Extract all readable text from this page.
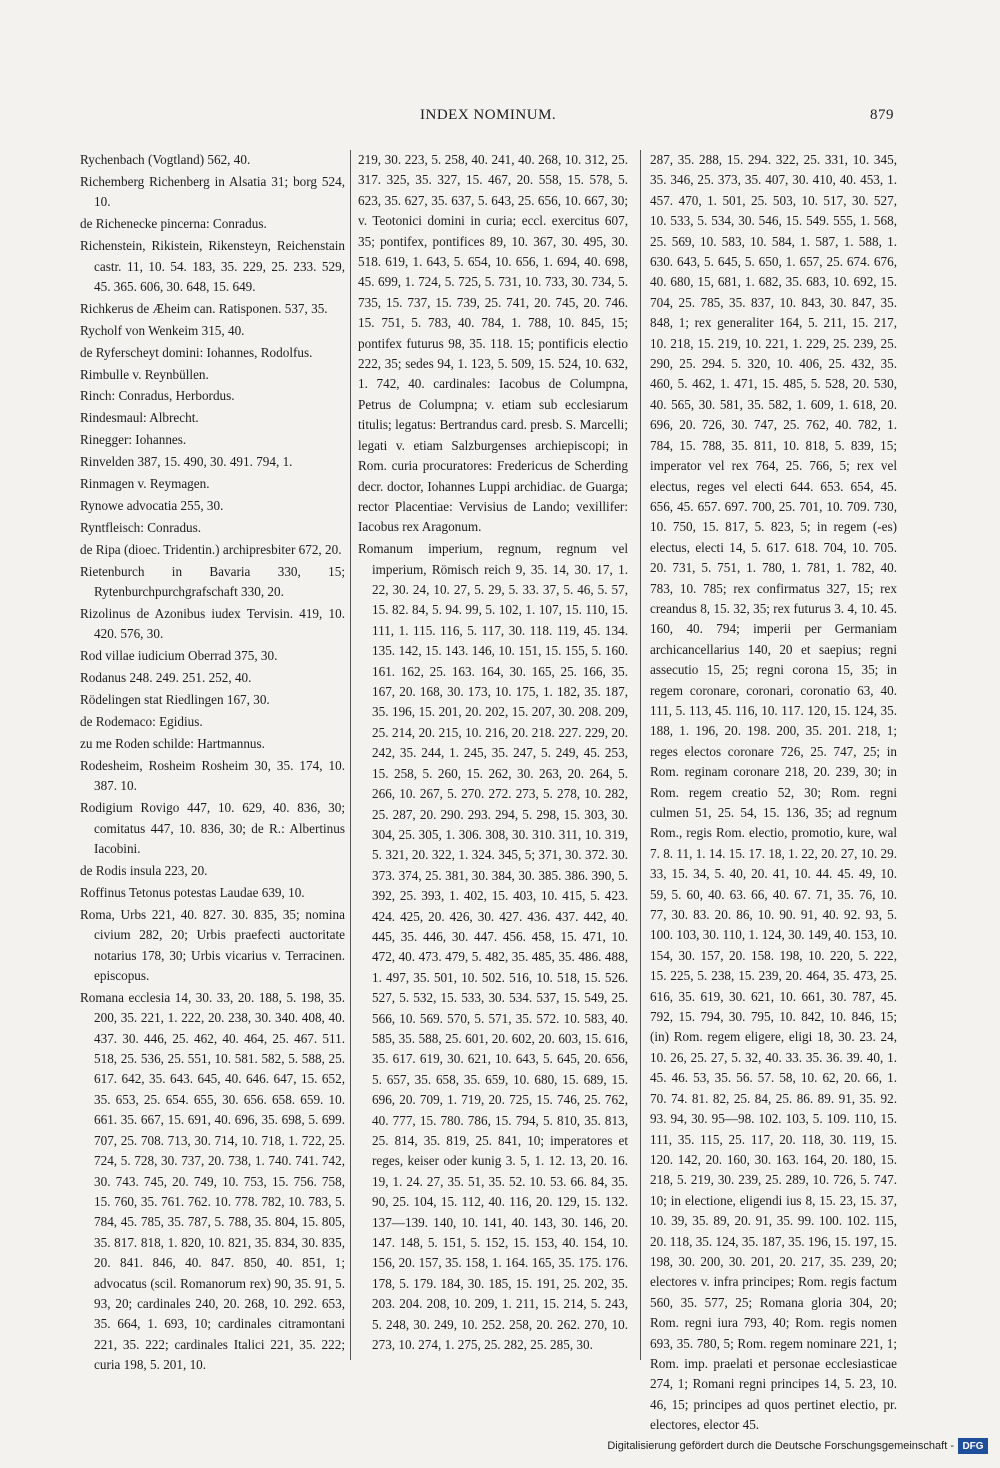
INDEX NOMINUM.	879

Rychenbach (Vogtland) 562, 40.

Richemberg Richenberg in Alsatia 31; borg 524, 10.

de Richenecke pincerna: Conradus.

Richenstein, Rikistein, Rikensteyn, Reichenstain castr. 11, 10. 54. 183, 35. 229, 25. 233. 529, 45. 365. 606, 30. 648, 15. 649.

Richkerus de Æheim can. Ratisponen. 537, 35.

Rycholf von Wenkeim 315, 40.

de Ryferscheyt domini: Iohannes, Rodolfus.

Rimbulle v. Reynbüllen.

Rinch: Conradus, Herbordus.

Rindesmaul: Albrecht.

Rinegger: Iohannes.

Rinvelden 387, 15. 490, 30. 491. 794, 1.

Rinmagen v. Reymagen.

Rynowe advocatia 255, 30.

Ryntfleisch: Conradus.

de Ripa (dioec. Tridentin.) archipresbiter 672, 20.

Rietenburch in Bavaria 330, 15; Rytenburchpurchgrafschaft 330, 20.

Rizolinus de Azonibus iudex Tervisin. 419, 10. 420. 576, 30.

Rod villae iudicium Oberrad 375, 30.

Rodanus 248. 249. 251. 252, 40.

Rödelingen stat Riedlingen 167, 30.

de Rodemaco: Egidius.

zu me Roden schilde: Hartmannus.

Rodesheim, Rosheim Rosheim 30, 35. 174, 10. 387. 10.

Rodigium Rovigo 447, 10. 629, 40. 836, 30; comitatus 447, 10. 836, 30; de R.: Albertinus Iacobini.

de Rodis insula 223, 20.

Roffinus Tetonus potestas Laudae 639, 10.

Roma, Urbs 221, 40. 827. 30. 835, 35; nomina civium 282, 20; Urbis praefecti auctoritate notarius 178, 30; Urbis vicarius v. Terracinen. episcopus.

Romana ecclesia 14, 30. 33, 20. 188, 5. 198, 35. 200, 35. 221, 1. 222, 20. 238, 30. 340. 408, 40. 437. 30. 446, 25. 462, 40. 464, 25. 467. 511. 518, 25. 536, 25. 551, 10. 581. 582, 5. 588, 25. 617. 642, 35. 643. 645, 40. 646. 647, 15. 652, 35. 653, 25. 654. 655, 30. 656. 658. 659. 10. 661. 35. 667, 15. 691, 40. 696, 35. 698, 5. 699. 707, 25. 708. 713, 30. 714, 10. 718, 1. 722, 25. 724, 5. 728, 30. 737, 20. 738, 1. 740. 741. 742, 30. 743. 745, 20. 749, 10. 753, 15. 756. 758, 15. 760, 35. 761. 762. 10. 778. 782, 10. 783, 5. 784, 45. 785, 35. 787, 5. 788, 35. 804, 15. 805, 35. 817. 818, 1. 820, 10. 821, 35. 834, 30. 835, 20. 841. 846, 40. 847. 850, 40. 851, 1; advocatus (scil. Romanorum rex) 90, 35. 91, 5. 93, 20; cardinales 240, 20. 268, 10. 292. 653, 35. 664, 1. 693, 10; cardinales citramontani 221, 35. 222; cardinales Italici 221, 35. 222; curia 198, 5. 201, 10.

219, 30. 223, 5. 258, 40. 241, 40. 268, 10. 312, 25. 317. 325, 35. 327, 15. 467, 20. 558, 15. 578, 5. 623, 35. 627, 35. 637, 5. 643, 25. 656, 10. 667, 30; v. Teotonici domini in curia; eccl. exercitus 607, 35; pontifex, pontifices 89, 10. 367, 30. 495, 30. 518. 619, 1. 643, 5. 654, 10. 656, 1. 694, 40. 698, 45. 699, 1. 724, 5. 725, 5. 731, 10. 733, 30. 734, 5. 735, 15. 737, 15. 739, 25. 741, 20. 745, 20. 746. 15. 751, 5. 783, 40. 784, 1. 788, 10. 845, 15; pontifex futurus 98, 35. 118. 15; pontificis electio 222, 35; sedes 94, 1. 123, 5. 509, 15. 524, 10. 632, 1. 742, 40. cardinales: Iacobus de Columpna, Petrus de Columpna; v. etiam sub ecclesiarum titulis; legatus: Bertrandus card. presb. S. Marcelli; legati v. etiam Salzburgenses archiepiscopi; in Rom. curia procuratores: Fredericus de Scherding decr. doctor, Iohannes Luppi archidiac. de Guarga; rector Placentiae: Vervisius de Lando; vexillifer: Iacobus rex Aragonum.

Romanum imperium, regnum, regnum vel imperium, Römisch reich 9, 35. 14, 30. 17, 1. 22, 30. 24, 10. 27, 5. 29, 5. 33. 37, 5. 46, 5. 57, 15. 82. 84, 5. 94. 99, 5. 102, 1. 107, 15. 110, 15. 111, 1. 115. 116, 5. 117, 30. 118. 119, 45. 134. 135. 142, 15. 143. 146, 10. 151, 15. 155, 5. 160. 161. 162, 25. 163. 164, 30. 165, 25. 166, 35. 167, 20. 168, 30. 173, 10. 175, 1. 182, 35. 187, 35. 196, 15. 201, 20. 202, 15. 207, 30. 208. 209, 25. 214, 20. 215, 10. 216, 20. 218. 227. 229, 20. 242, 35. 244, 1. 245, 35. 247, 5. 249, 45. 253, 15. 258, 5. 260, 15. 262, 30. 263, 20. 264, 5. 266, 10. 267, 5. 270. 272. 273, 5. 278, 10. 282, 25. 287, 20. 290. 293. 294, 5. 298, 15. 303, 30. 304, 25. 305, 1. 306. 308, 30. 310. 311, 10. 319, 5. 321, 20. 322, 1. 324. 345, 5; 371, 30. 372. 30. 373. 374, 25. 381, 30. 384, 30. 385. 386. 390, 5. 392, 25. 393, 1. 402, 15. 403, 10. 415, 5. 423. 424. 425, 20. 426, 30. 427. 436. 437. 442, 40. 445, 35. 446, 30. 447. 456. 458, 15. 471, 10. 472, 40. 473. 479, 5. 482, 35. 485, 35. 486. 488, 1. 497, 35. 501, 10. 502. 516, 10. 518, 15. 526. 527, 5. 532, 15. 533, 30. 534. 537, 15. 549, 25. 566, 10. 569. 570, 5. 571, 35. 572. 10. 583, 40. 585, 35. 588, 25. 601, 20. 602, 20. 603, 15. 616, 35. 617. 619, 30. 621, 10. 643, 5. 645, 20. 656, 5. 657, 35. 658, 35. 659, 10. 680, 15. 689, 15. 696, 20. 709, 1. 719, 20. 725, 15. 746, 25. 762, 40. 777, 15. 780. 786, 15. 794, 5. 810, 35. 813, 25. 814, 35. 819, 25. 841, 10; imperatores et reges, keiser oder kunig 3. 5, 1. 12. 13, 20. 16. 19, 1. 24. 27, 35. 51, 35. 52. 10. 53. 66. 84, 35. 90, 25. 104, 15. 112, 40. 116, 20. 129, 15. 132. 137—139. 140, 10. 141, 40. 143, 30. 146, 20. 147. 148, 5. 151, 5. 152, 15. 153, 40. 154, 10. 156, 20. 157, 35. 158, 1. 164. 165, 35. 175. 176. 178, 5. 179. 184, 30. 185, 15. 191, 25. 202, 35. 203. 204. 208, 10. 209, 1. 211, 15. 214, 5. 243, 5. 248, 30. 249, 10. 252. 258, 20. 262. 270, 10. 273, 10. 274, 1. 275, 25. 282, 25. 285, 30.

287, 35. 288, 15. 294. 322, 25. 331, 10. 345, 35. 346, 25. 373, 35. 407, 30. 410, 40. 453, 1. 457. 470, 1. 501, 25. 503, 10. 517, 30. 527, 10. 533, 5. 534, 30. 546, 15. 549. 555, 1. 568, 25. 569, 10. 583, 10. 584, 1. 587, 1. 588, 1. 630. 643, 5. 645, 5. 650, 1. 657, 25. 674. 676, 40. 680, 15, 681, 1. 682, 35. 683, 10. 692, 15. 704, 25. 785, 35. 837, 10. 843, 30. 847, 35. 848, 1; rex generaliter 164, 5. 211, 15. 217, 10. 218, 15. 219, 10. 221, 1. 229, 25. 239, 25. 290, 25. 294. 5. 320, 10. 406, 25. 432, 35. 460, 5. 462, 1. 471, 15. 485, 5. 528, 20. 530, 40. 565, 30. 581, 35. 582, 1. 609, 1. 618, 20. 696, 20. 726, 30. 747, 25. 762, 40. 782, 1. 784, 15. 788, 35. 811, 10. 818, 5. 839, 15; imperator vel rex 764, 25. 766, 5; rex vel electus, reges vel electi 644. 653. 654, 45. 656, 45. 657. 697. 700, 25. 701, 10. 709. 730, 10. 750, 15. 817, 5. 823, 5; in regem (-es) electus, electi 14, 5. 617. 618. 704, 10. 705. 20. 731, 5. 751, 1. 780, 1. 781, 1. 782, 40. 783, 10. 785; rex confirmatus 327, 15; rex creandus 8, 15. 32, 35; rex futurus 3. 4, 10. 45. 160, 40. 794; imperii per Germaniam archicancellarius 140, 20 et saepius; regni assecutio 15, 25; regni corona 15, 35; in regem coronare, coronari, coronatio 63, 40. 111, 5. 113, 45. 116, 10. 117. 120, 15. 124, 35. 188, 1. 196, 20. 198. 200, 35. 201. 218, 1; reges electos coronare 726, 25. 747, 25; in Rom. reginam coronare 218, 20. 239, 30; in Rom. regem creatio 52, 30; Rom. regni culmen 51, 25. 54, 15. 136, 35; ad regnum Rom., regis Rom. electio, promotio, kure, wal 7. 8. 11, 1. 14. 15. 17. 18, 1. 22, 20. 27, 10. 29. 33, 15. 34, 5. 40, 20. 41, 10. 44. 45. 49, 10. 59, 5. 60, 40. 63. 66, 40. 67. 71, 35. 76, 10. 77, 30. 83. 20. 86, 10. 90. 91, 40. 92. 93, 5. 100. 103, 30. 110, 1. 124, 30. 149, 40. 153, 10. 154, 30. 157, 20. 158. 198, 10. 220, 5. 222, 15. 225, 5. 238, 15. 239, 20. 464, 35. 473, 25. 616, 35. 619, 30. 621, 10. 661, 30. 787, 45. 792, 15. 794, 30. 795, 10. 842, 10. 846, 15; (in) Rom. regem eligere, eligi 18, 30. 23. 24, 10. 26, 25. 27, 5. 32, 40. 33. 35. 36. 39. 40, 1. 45. 46. 53, 35. 56. 57. 58, 10. 62, 20. 66, 1. 70. 74. 81. 82, 25. 84, 25. 86. 89. 91, 35. 92. 93. 94, 30. 95—98. 102. 103, 5. 109. 110, 15. 111, 35. 115, 25. 117, 20. 118, 30. 119, 15. 120. 142, 20. 160, 30. 163. 164, 20. 180, 15. 218, 5. 219, 30. 239, 25. 289, 10. 726, 5. 747. 10; in electione, eligendi ius 8, 15. 23, 15. 37, 10. 39, 35. 89, 20. 91, 35. 99. 100. 102. 115, 20. 118, 35. 124, 35. 187, 35. 196, 15. 197, 15. 198, 30. 200, 30. 201, 20. 217, 35. 239, 20; electores v. infra principes; Rom. regis factum 560, 35. 577, 25; Romana gloria 304, 20; Rom. regni iura 793, 40; Rom. regis nomen 693, 35. 780, 5; Rom. regem nominare 221, 1; Rom. imp. praelati et personae ecclesiasticae 274, 1; Romani regni principes 14, 5. 23, 10. 46, 15; principes ad quos pertinet electio, pr. electores, elector 45.

Digitalisierung gefördert durch die Deutsche Forschungsgemeinschaft - DFG
